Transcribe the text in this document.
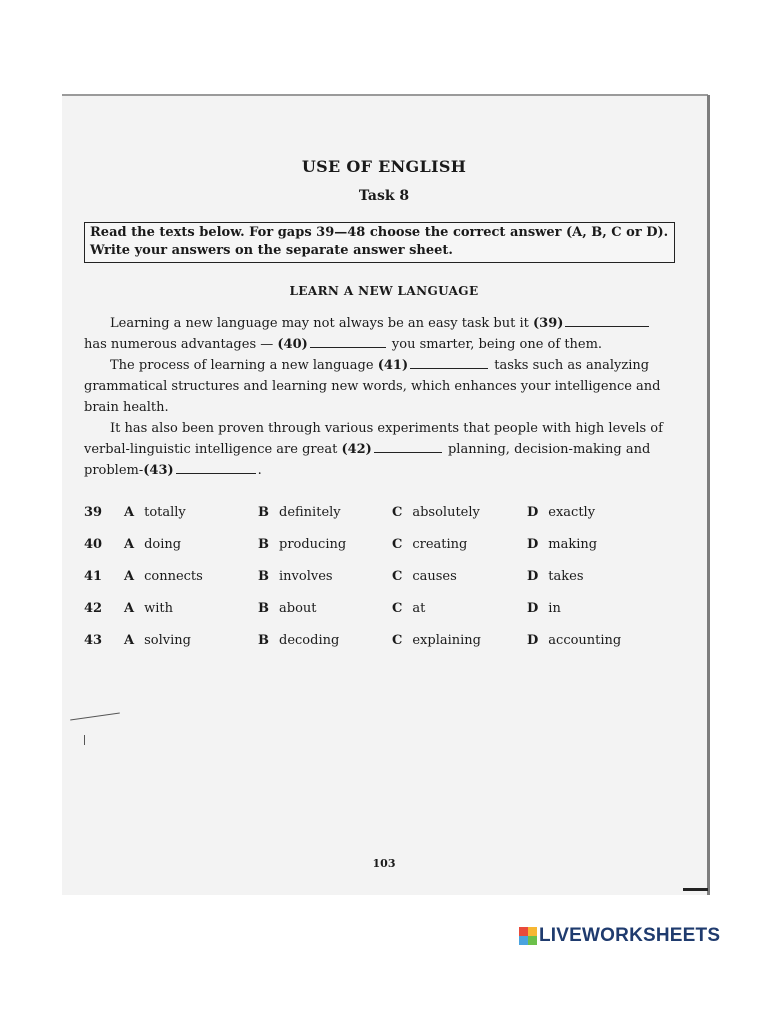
USE OF ENGLISH
Task 8
Read the texts below. For gaps 39—48 choose the correct answer (A, B, C or D). Write your answers on the separate answer sheet.
LEARN A NEW LANGUAGE
Learning a new language may not always be an easy task but it (39) has numerous advantages — (40)	you smarter, being one of them.
The process of learning a new language (41)	tasks such as analyzing grammatical structures and learning new words, which enhances your intelligence and brain health.
It has also been proven through various experiments that people with high levels of verbal-linguistic intelligence are great (42)	planning, decision-making and problem-(43)	.
39 A totally	B definitely	C absolutely	D exactly
40 A doing	B producing	C creating	D making
41 A connects	B involves	C causes	D takes
42 A with	B about	C at	D in
43 A solving	B decoding	C explaining	D accounting
103
LIVEWORKSHEETS
